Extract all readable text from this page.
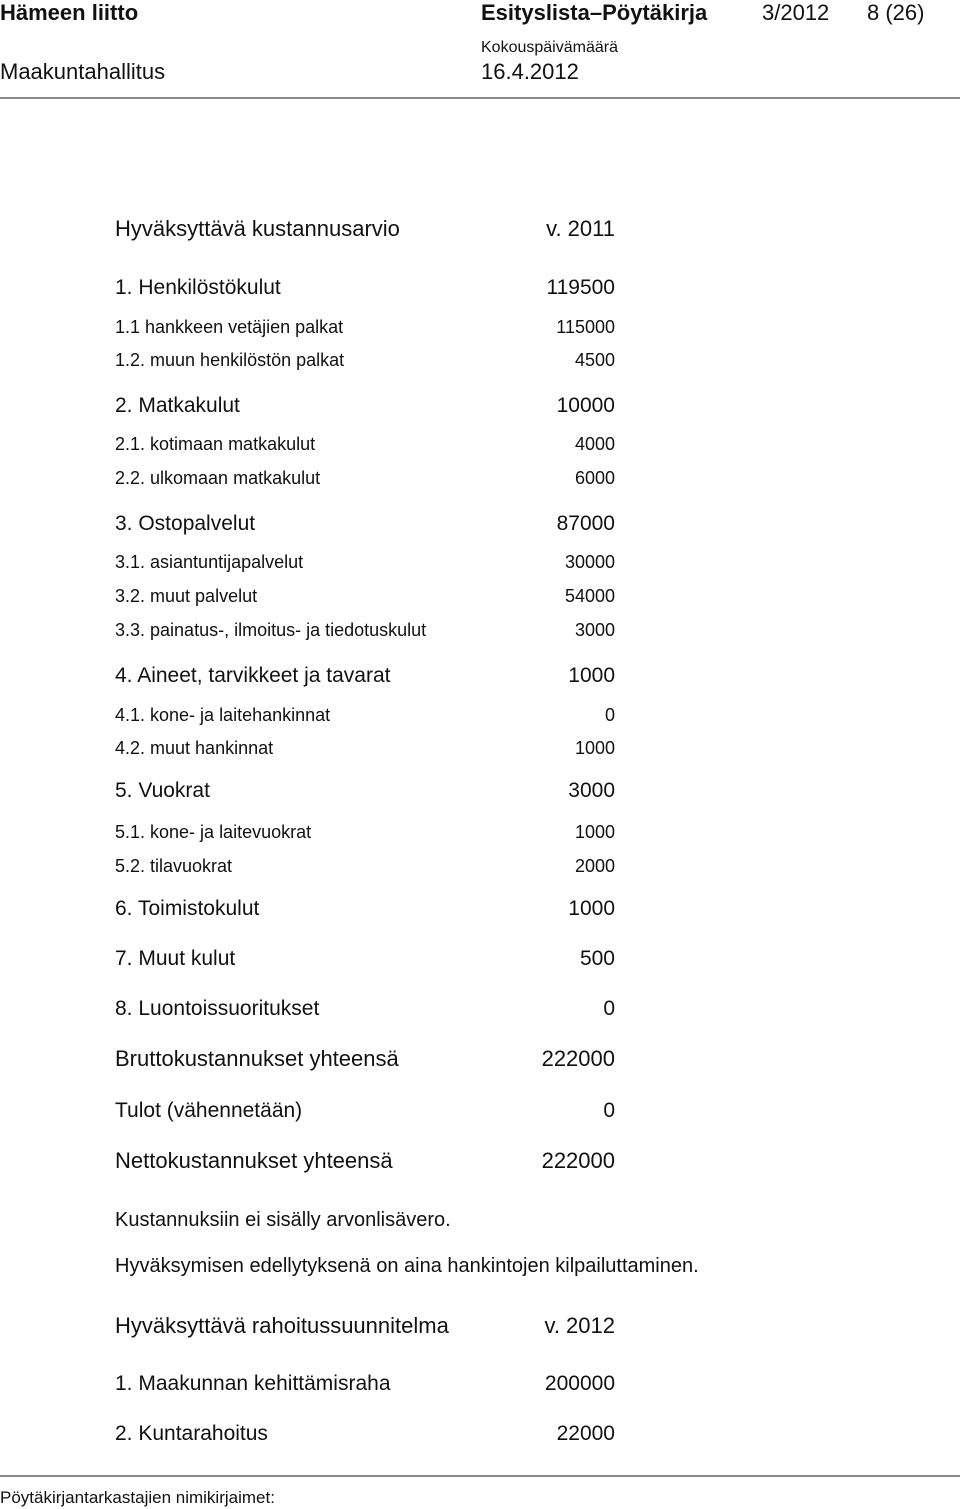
Hämeen liitto	Esityslista–Pöytäkirja 3/2012 8 (26)
Kokouspäivämäärä
Maakuntahallitus	16.4.2012
Hyväksyttävä kustannusarvio	v. 2011
1. Henkilöstökulut	119500
1.1 hankkeen vetäjien palkat	115000
1.2. muun henkilöstön palkat	4500
2. Matkakulut	10000
2.1. kotimaan matkakulut	4000
2.2. ulkomaan matkakulut	6000
3. Ostopalvelut	87000
3.1. asiantuntijapalvelut	30000
3.2. muut palvelut	54000
3.3. painatus-, ilmoitus- ja tiedotuskulut	3000
4. Aineet, tarvikkeet ja tavarat	1000
4.1. kone- ja laitehankinnat	0
4.2. muut hankinnat	1000
5. Vuokrat	3000
5.1. kone- ja laitevuokrat	1000
5.2. tilavuokrat	2000
6. Toimistokulut	1000
7. Muut kulut	500
8. Luontoissuoritukset	0
Bruttokustannukset yhteensä	222000
Tulot (vähennetään)	0
Nettokustannukset yhteensä	222000
Kustannuksiin ei sisälly arvonlisävero.
Hyväksymisen edellytyksenä on aina hankintojen kilpailuttaminen.
Hyväksyttävä rahoitussuunnitelma	v. 2012
1. Maakunnan kehittämisraha	200000
2. Kuntarahoitus	22000
Pöytäkirjantarkastajien nimikirjaimet:
